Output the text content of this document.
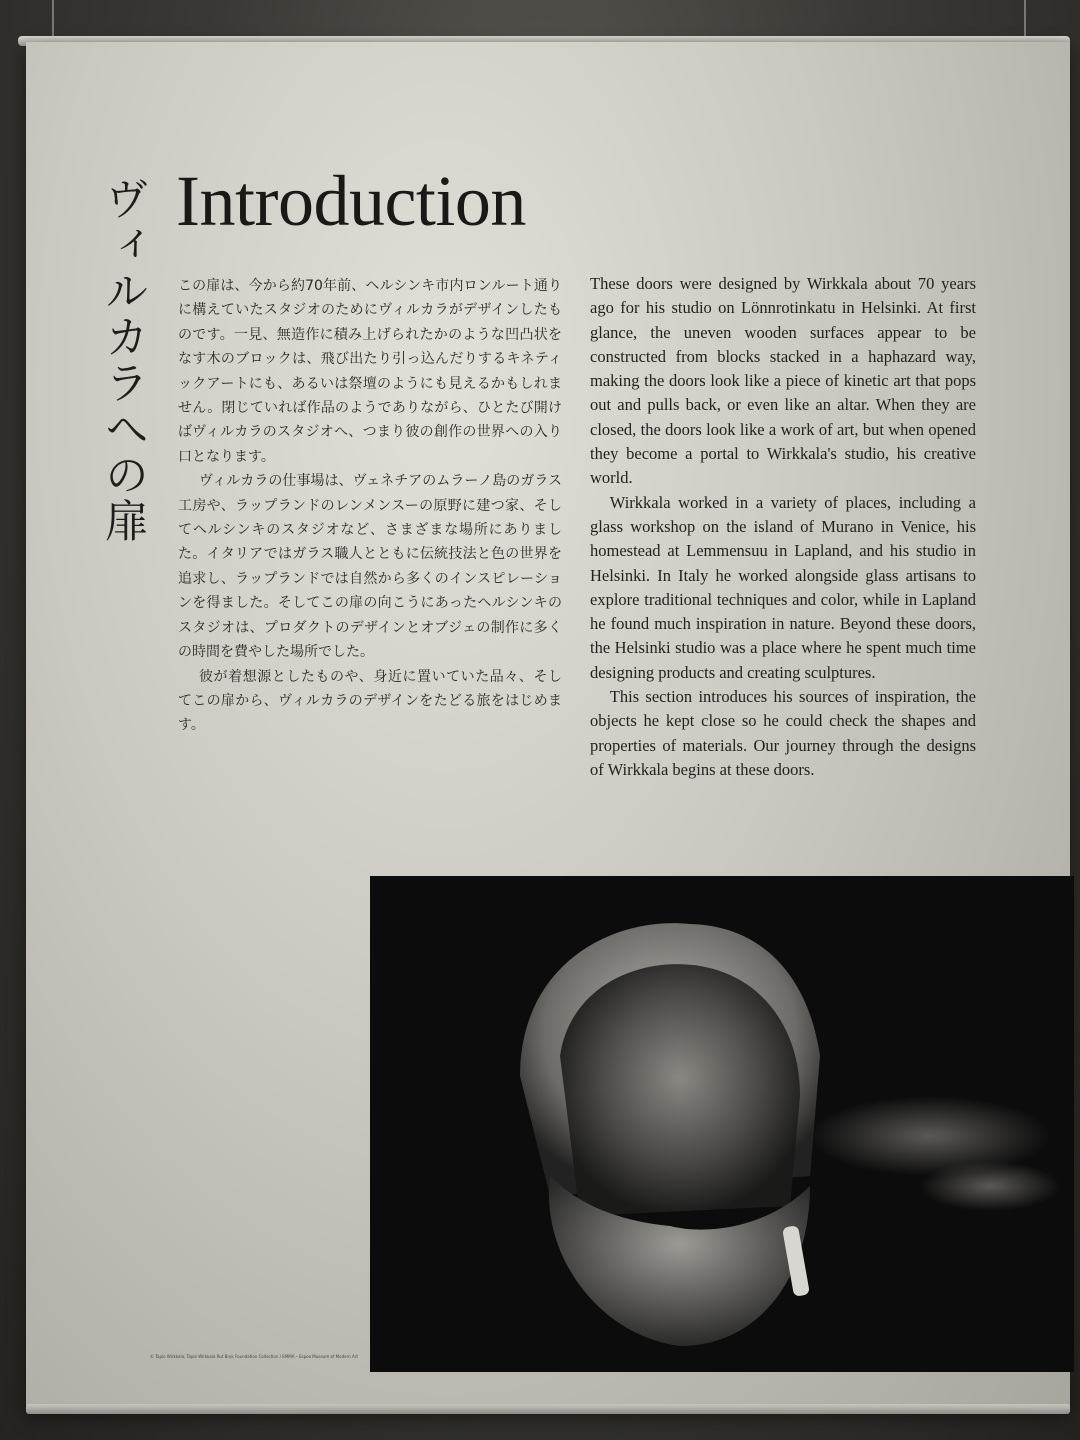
ヴィルカラへの扉 Introduction

この扉は、今から約70年前、ヘルシンキ市内ロンルート通りに構えていたスタジオのためにヴィルカラがデザインしたものです。一見、無造作に積み上げられたかのような凹凸状をなす木のブロックは、飛び出たり引っ込んだりするキネティックアートにも、あるいは祭壇のようにも見えるかもしれません。閉じていれば作品のようでありながら、ひとたび開けばヴィルカラのスタジオへ、つまり彼の創作の世界への入り口となります。

ヴィルカラの仕事場は、ヴェネチアのムラーノ島のガラス工房や、ラップランドのレンメンスーの原野に建つ家、そしてヘルシンキのスタジオなど、さまざまな場所にありました。イタリアではガラス職人とともに伝統技法と色の世界を追求し、ラップランドでは自然から多くのインスピレーションを得ました。そしてこの扉の向こうにあったヘルシンキのスタジオは、プロダクトのデザインとオブジェの制作に多くの時間を費やした場所でした。

彼が着想源としたものや、身近に置いていた品々、そしてこの扉から、ヴィルカラのデザインをたどる旅をはじめます。

These doors were designed by Wirkkala about 70 years ago for his studio on Lönnrotinkatu in Helsinki. At first glance, the uneven wooden surfaces appear to be constructed from blocks stacked in a haphazard way, making the doors look like a piece of kinetic art that pops out and pulls back, or even like an altar. When they are closed, the doors look like a work of art, but when opened they become a portal to Wirkkala's studio, his creative world.

Wirkkala worked in a variety of places, including a glass workshop on the island of Murano in Venice, his homestead at Lemmensuu in Lapland, and his studio in Helsinki. In Italy he worked alongside glass artisans to explore traditional techniques and color, while in Lapland he found much inspiration in nature. Beyond these doors, the Helsinki studio was a place where he spent much time designing products and creating sculptures.

This section introduces his sources of inspiration, the objects he kept close so he could check the shapes and properties of materials. Our journey through the designs of Wirkkala begins at these doors.

© Tapio Wirkkala, Tapio Wirkkala Rut Bryk Foundation Collection / EMMA – Espoo Museum of Modern Art
